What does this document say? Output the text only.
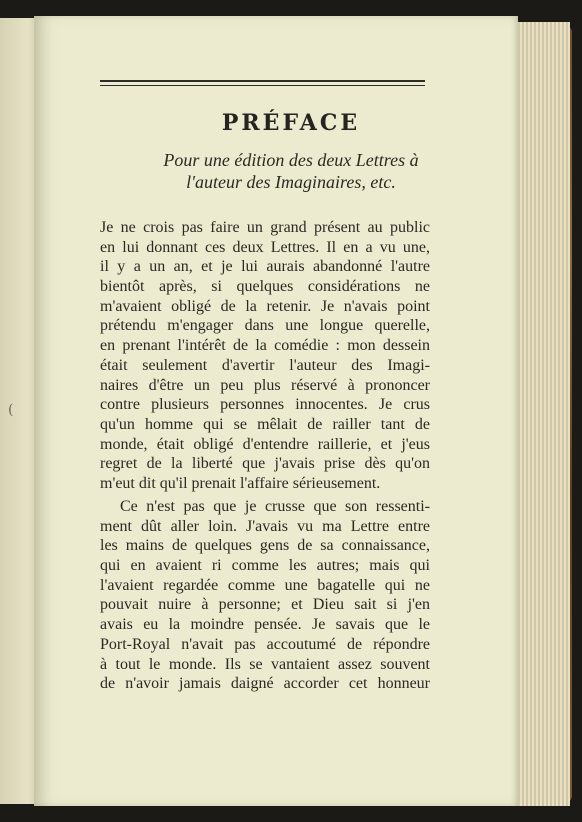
(
PRÉFACE

Pour une édition des deux Lettres à

l'auteur des Imaginaires, etc.

Je ne crois pas faire un grand présent au public
en lui donnant ces deux Lettres. Il en a vu une,
il y a un an, et je lui aurais abandonné l'autre
bientôt après, si quelques considérations ne
m'avaient obligé de la retenir. Je n'avais point
prétendu m'engager dans une longue querelle,
en prenant l'intérêt de la comédie : mon dessein
était seulement d'avertir l'auteur des Imagi-
naires d'être un peu plus réservé à prononcer
contre plusieurs personnes innocentes. Je crus
qu'un homme qui se mêlait de railler tant de
monde, était obligé d'entendre raillerie, et j'eus
regret de la liberté que j'avais prise dès qu'on
m'eut dit qu'il prenait l'affaire sérieusement.
Ce n'est pas que je crusse que son ressenti-
ment dût aller loin. J'avais vu ma Lettre entre
les mains de quelques gens de sa connaissance,
qui en avaient ri comme les autres; mais qui
l'avaient regardée comme une bagatelle qui ne
pouvait nuire à personne; et Dieu sait si j'en
avais eu la moindre pensée. Je savais que le
Port-Royal n'avait pas accoutumé de répondre
à tout le monde. Ils se vantaient assez souvent
de n'avoir jamais daigné accorder cet honneur
